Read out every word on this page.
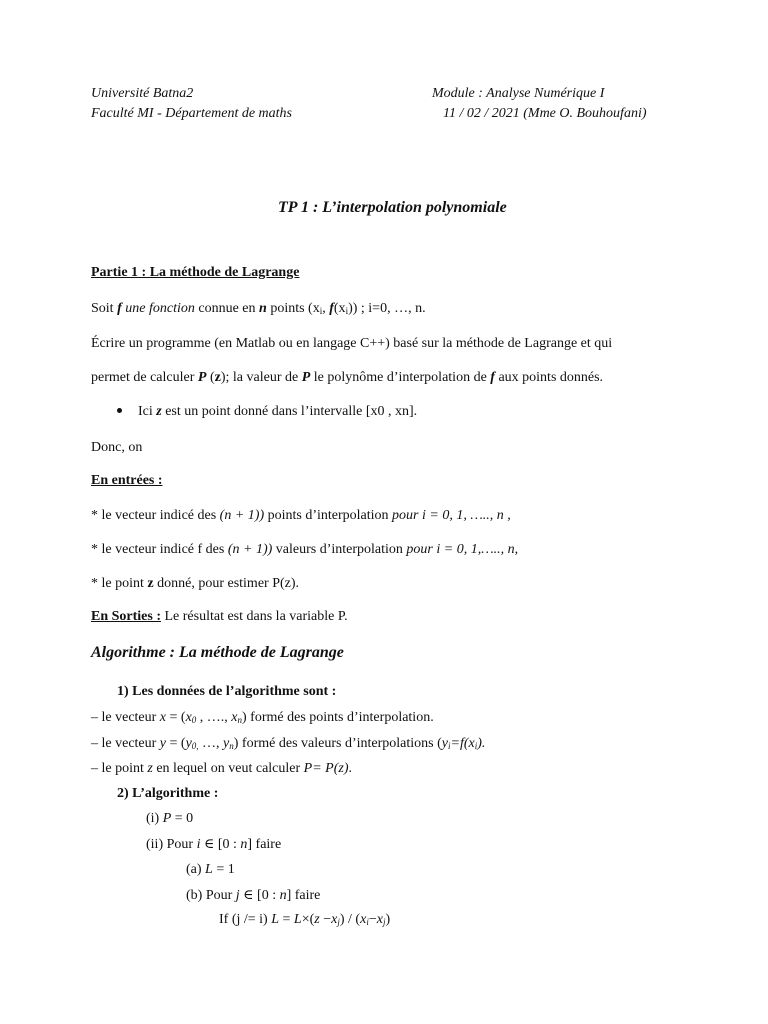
Université Batna2
Faculté MI - Département de maths
Module : Analyse Numérique I
11 / 02 / 2021 (Mme O. Bouhoufani)
TP 1 : L’interpolation polynomiale
Partie 1 : La méthode de Lagrange
Soit f une fonction connue en n points ($x_i$, $f(x_i)$) ; i=0, …, n.
Écrire un programme (en Matlab ou en langage C++) basé sur la méthode de Lagrange et qui
permet de calculer P (z); la valeur de P le polynôme d’interpolation de f aux points donnés.
Ici z est un point donné dans l’intervalle [x0 , xn].
Donc, on
En entrées :
* le vecteur indicé des (n + 1)) points d’interpolation pour i = 0, 1, ….., n ,
* le vecteur indicé f des (n + 1)) valeurs d’interpolation pour i = 0, 1,….., n,
* le point z donné, pour estimer P(z).
En Sorties : Le résultat est dans la variable P.
Algorithme : La méthode de Lagrange
1) Les données de l’algorithme sont :
– le vecteur $x = (x_0$ , …., $x_n$) formé des points d’interpolation.
– le vecteur $y = (y_{0,}$ …, $y_n$) formé des valeurs d’interpolations ($y_i=f(x_i)$.
– le point z en lequel on veut calculer P= P(z).
2) L’algorithme :
(i) P = 0
(ii) Pour i ∈ [0 : n] faire
(a) L = 1
(b) Pour j ∈ [0 : n] faire
If (j /= i) $L = L\times(z -x_j) / (x_i-x_j)$
